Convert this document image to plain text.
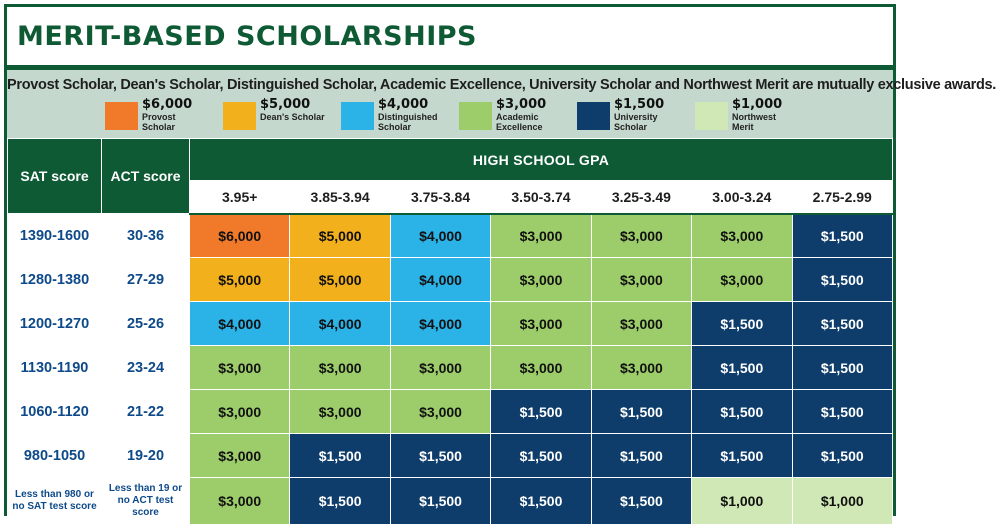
MERIT-BASED SCHOLARSHIPS
Provost Scholar, Dean's Scholar, Distinguished Scholar, Academic Excellence, University Scholar and Northwest Merit are mutually exclusive awards.
$6,000
Provost Scholar
$5,000
Dean's Scholar
$4,000
Distinguished Scholar
$3,000
Academic Excellence
$1,500
University Scholar
$1,000
Northwest Merit
SAT score	ACT score	HIGH SCHOOL GPA						
		3.95+	3.85-3.94	3.75-3.84	3.50-3.74	3.25-3.49	3.00-3.24	2.75-2.99
1390-1600	30-36	$6,000	$5,000	$4,000	$3,000	$3,000	$3,000	$1,500
1280-1380	27-29	$5,000	$5,000	$4,000	$3,000	$3,000	$3,000	$1,500
1200-1270	25-26	$4,000	$4,000	$4,000	$3,000	$3,000	$1,500	$1,500
1130-1190	23-24	$3,000	$3,000	$3,000	$3,000	$3,000	$1,500	$1,500
1060-1120	21-22	$3,000	$3,000	$3,000	$1,500	$1,500	$1,500	$1,500
980-1050	19-20	$3,000	$1,500	$1,500	$1,500	$1,500	$1,500	$1,500
Less than 980 or no SAT test score	Less than 19 or no ACT test score	$3,000	$1,500	$1,500	$1,500	$1,500	$1,000	$1,000
